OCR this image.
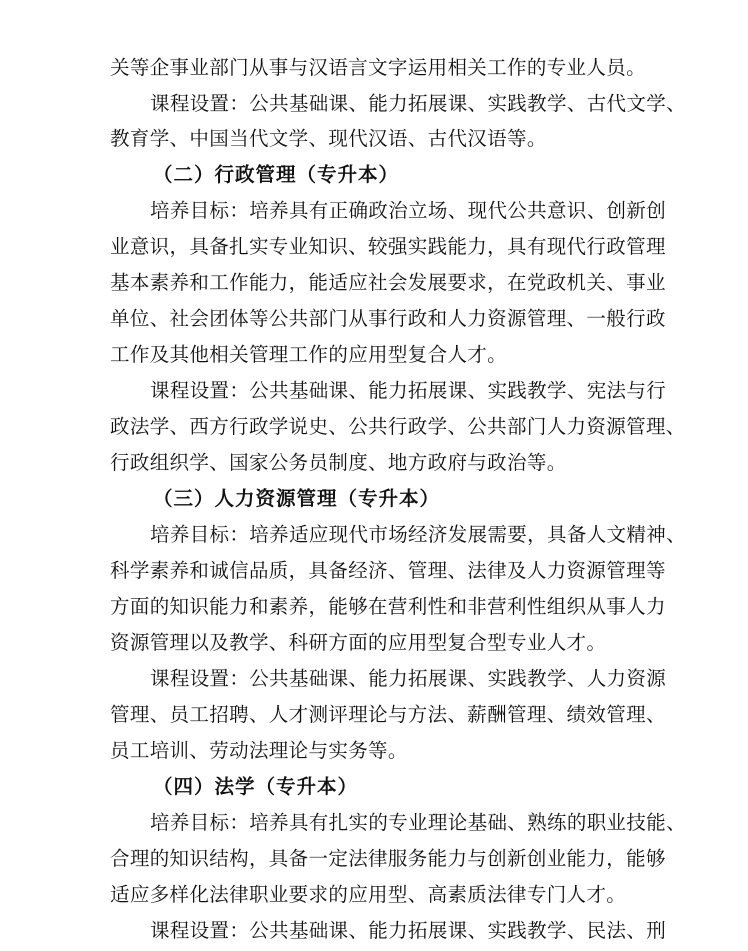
关等企事业部门从事与汉语言文字运用相关工作的专业人员。
课程设置：公共基础课、能力拓展课、实践教学、古代文学、
教育学、中国当代文学、现代汉语、古代汉语等。
（二）行政管理（专升本）
培养目标：培养具有正确政治立场、现代公共意识、创新创
业意识，具备扎实专业知识、较强实践能力，具有现代行政管理
基本素养和工作能力，能适应社会发展要求，在党政机关、事业
单位、社会团体等公共部门从事行政和人力资源管理、一般行政
工作及其他相关管理工作的应用型复合人才。
课程设置：公共基础课、能力拓展课、实践教学、宪法与行
政法学、西方行政学说史、公共行政学、公共部门人力资源管理、
行政组织学、国家公务员制度、地方政府与政治等。
（三）人力资源管理（专升本）
培养目标：培养适应现代市场经济发展需要，具备人文精神、
科学素养和诚信品质，具备经济、管理、法律及人力资源管理等
方面的知识能力和素养，能够在营利性和非营利性组织从事人力
资源管理以及教学、科研方面的应用型复合型专业人才。
课程设置：公共基础课、能力拓展课、实践教学、人力资源
管理、员工招聘、人才测评理论与方法、薪酬管理、绩效管理、
员工培训、劳动法理论与实务等。
（四）法学（专升本）
培养目标：培养具有扎实的专业理论基础、熟练的职业技能、
合理的知识结构，具备一定法律服务能力与创新创业能力，能够
适应多样化法律职业要求的应用型、高素质法律专门人才。
课程设置：公共基础课、能力拓展课、实践教学、民法、刑
